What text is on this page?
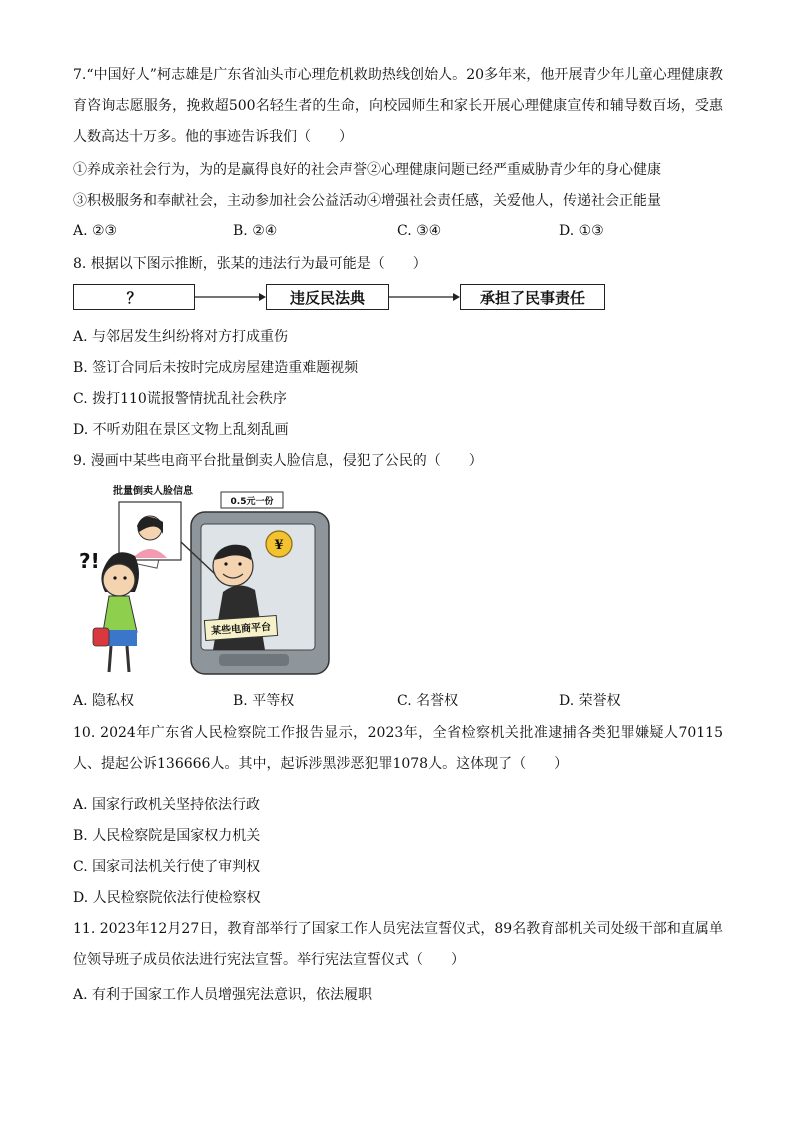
7.“中国好人”柯志雄是广东省汕头市心理危机救助热线创始人。20多年来，他开展青少年儿童心理健康教育咨询志愿服务，挽救超500名轻生者的生命，向校园师生和家长开展心理健康宣传和辅导数百场，受惠人数高达十万多。他的事迹告诉我们（　　）
①养成亲社会行为，为的是赢得良好的社会声誉②心理健康问题已经严重威胁青少年的身心健康
③积极服务和奉献社会，主动参加社会公益活动④增强社会责任感，关爱他人，传递社会正能量
A. ②③	B. ②④	C. ③④	D. ①③
8. 根据以下图示推断，张某的违法行为最可能是（　　）
？	违反民法典	承担了民事责任
A. 与邻居发生纠纷将对方打成重伤
B. 签订合同后未按时完成房屋建造重难题视频
C. 拨打110谎报警情扰乱社会秩序
D. 不听劝阻在景区文物上乱刻乱画
9. 漫画中某些电商平台批量倒卖人脸信息，侵犯了公民的（　　）
批量倒卖人脸信息
0.5元一份
¥
某些电商平台
?!
A. 隐私权	B. 平等权	C. 名誉权	D. 荣誉权
10. 2024年广东省人民检察院工作报告显示，2023年，全省检察机关批准逮捕各类犯罪嫌疑人70115人、提起公诉136666人。其中，起诉涉黑涉恶犯罪1078人。这体现了（　　）
A. 国家行政机关坚持依法行政
B. 人民检察院是国家权力机关
C. 国家司法机关行使了审判权
D. 人民检察院依法行使检察权
11. 2023年12月27日，教育部举行了国家工作人员宪法宣誓仪式，89名教育部机关司处级干部和直属单位领导班子成员依法进行宪法宣誓。举行宪法宣誓仪式（　　）
A. 有利于国家工作人员增强宪法意识，依法履职
